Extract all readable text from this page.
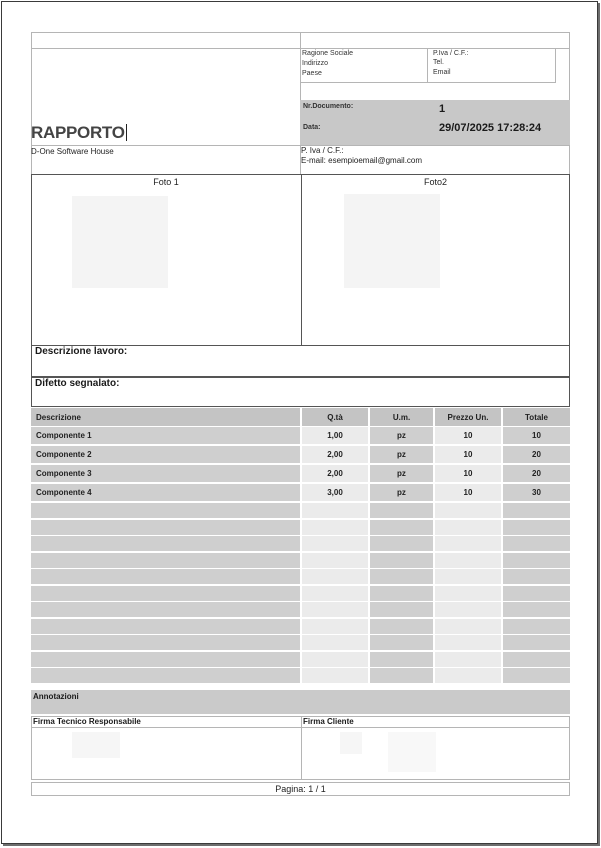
Ragione Sociale
Indirizzo
Paese
P.Iva / C.F.:
Tel.
Email
Nr.Documento:	1
Data:	29/07/2025 17:28:24
RAPPORTO
D-One Software House	P. Iva / C.F.:
E-mail: esempioemail@gmail.com
Foto 1	Foto2
Descrizione lavoro:
Difetto segnalato:
Descrizione	Q.tà	U.m.	Prezzo Un.	Totale
Componente 1	1,00	pz	10	10
Componente 2	2,00	pz	10	20
Componente 3	2,00	pz	10	20
Componente 4	3,00	pz	10	30
Annotazioni
Firma Tecnico Responsabile	Firma Cliente
Pagina: 1 / 1
